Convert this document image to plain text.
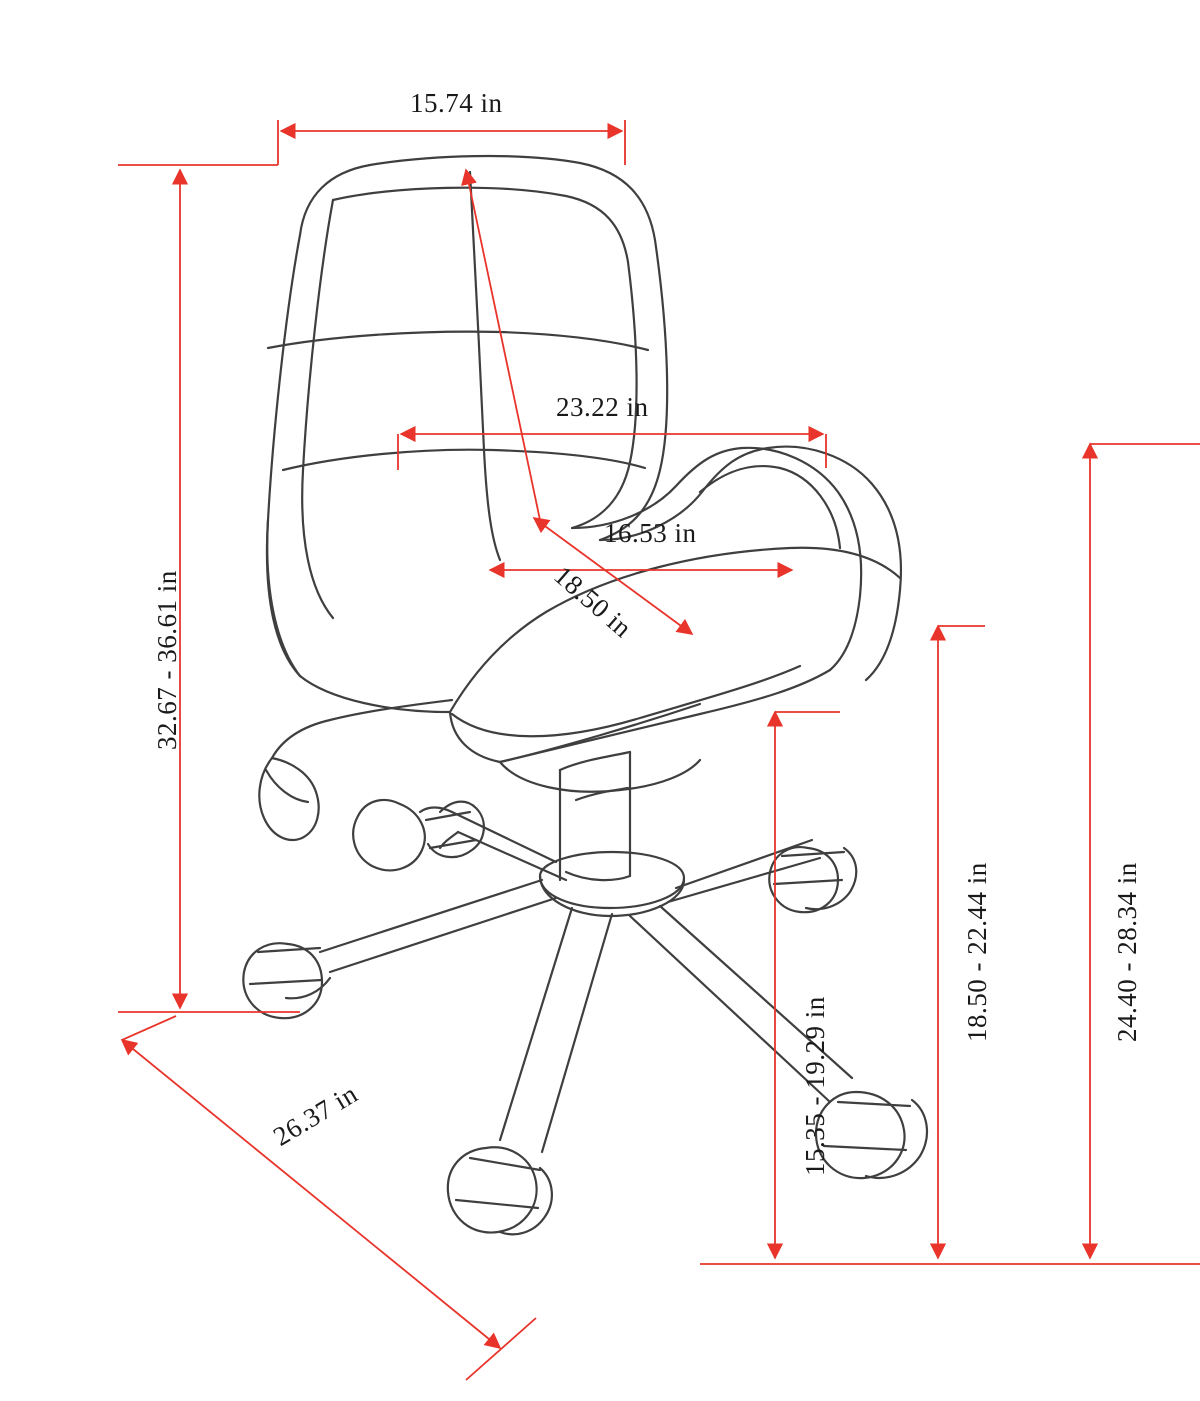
15.74 in
32.67 - 36.61 in
23.22 in
16.53 in
18.50 in
15.35 - 19.29 in
18.50 - 22.44 in	24.40 - 28.34 in
26.37 in
